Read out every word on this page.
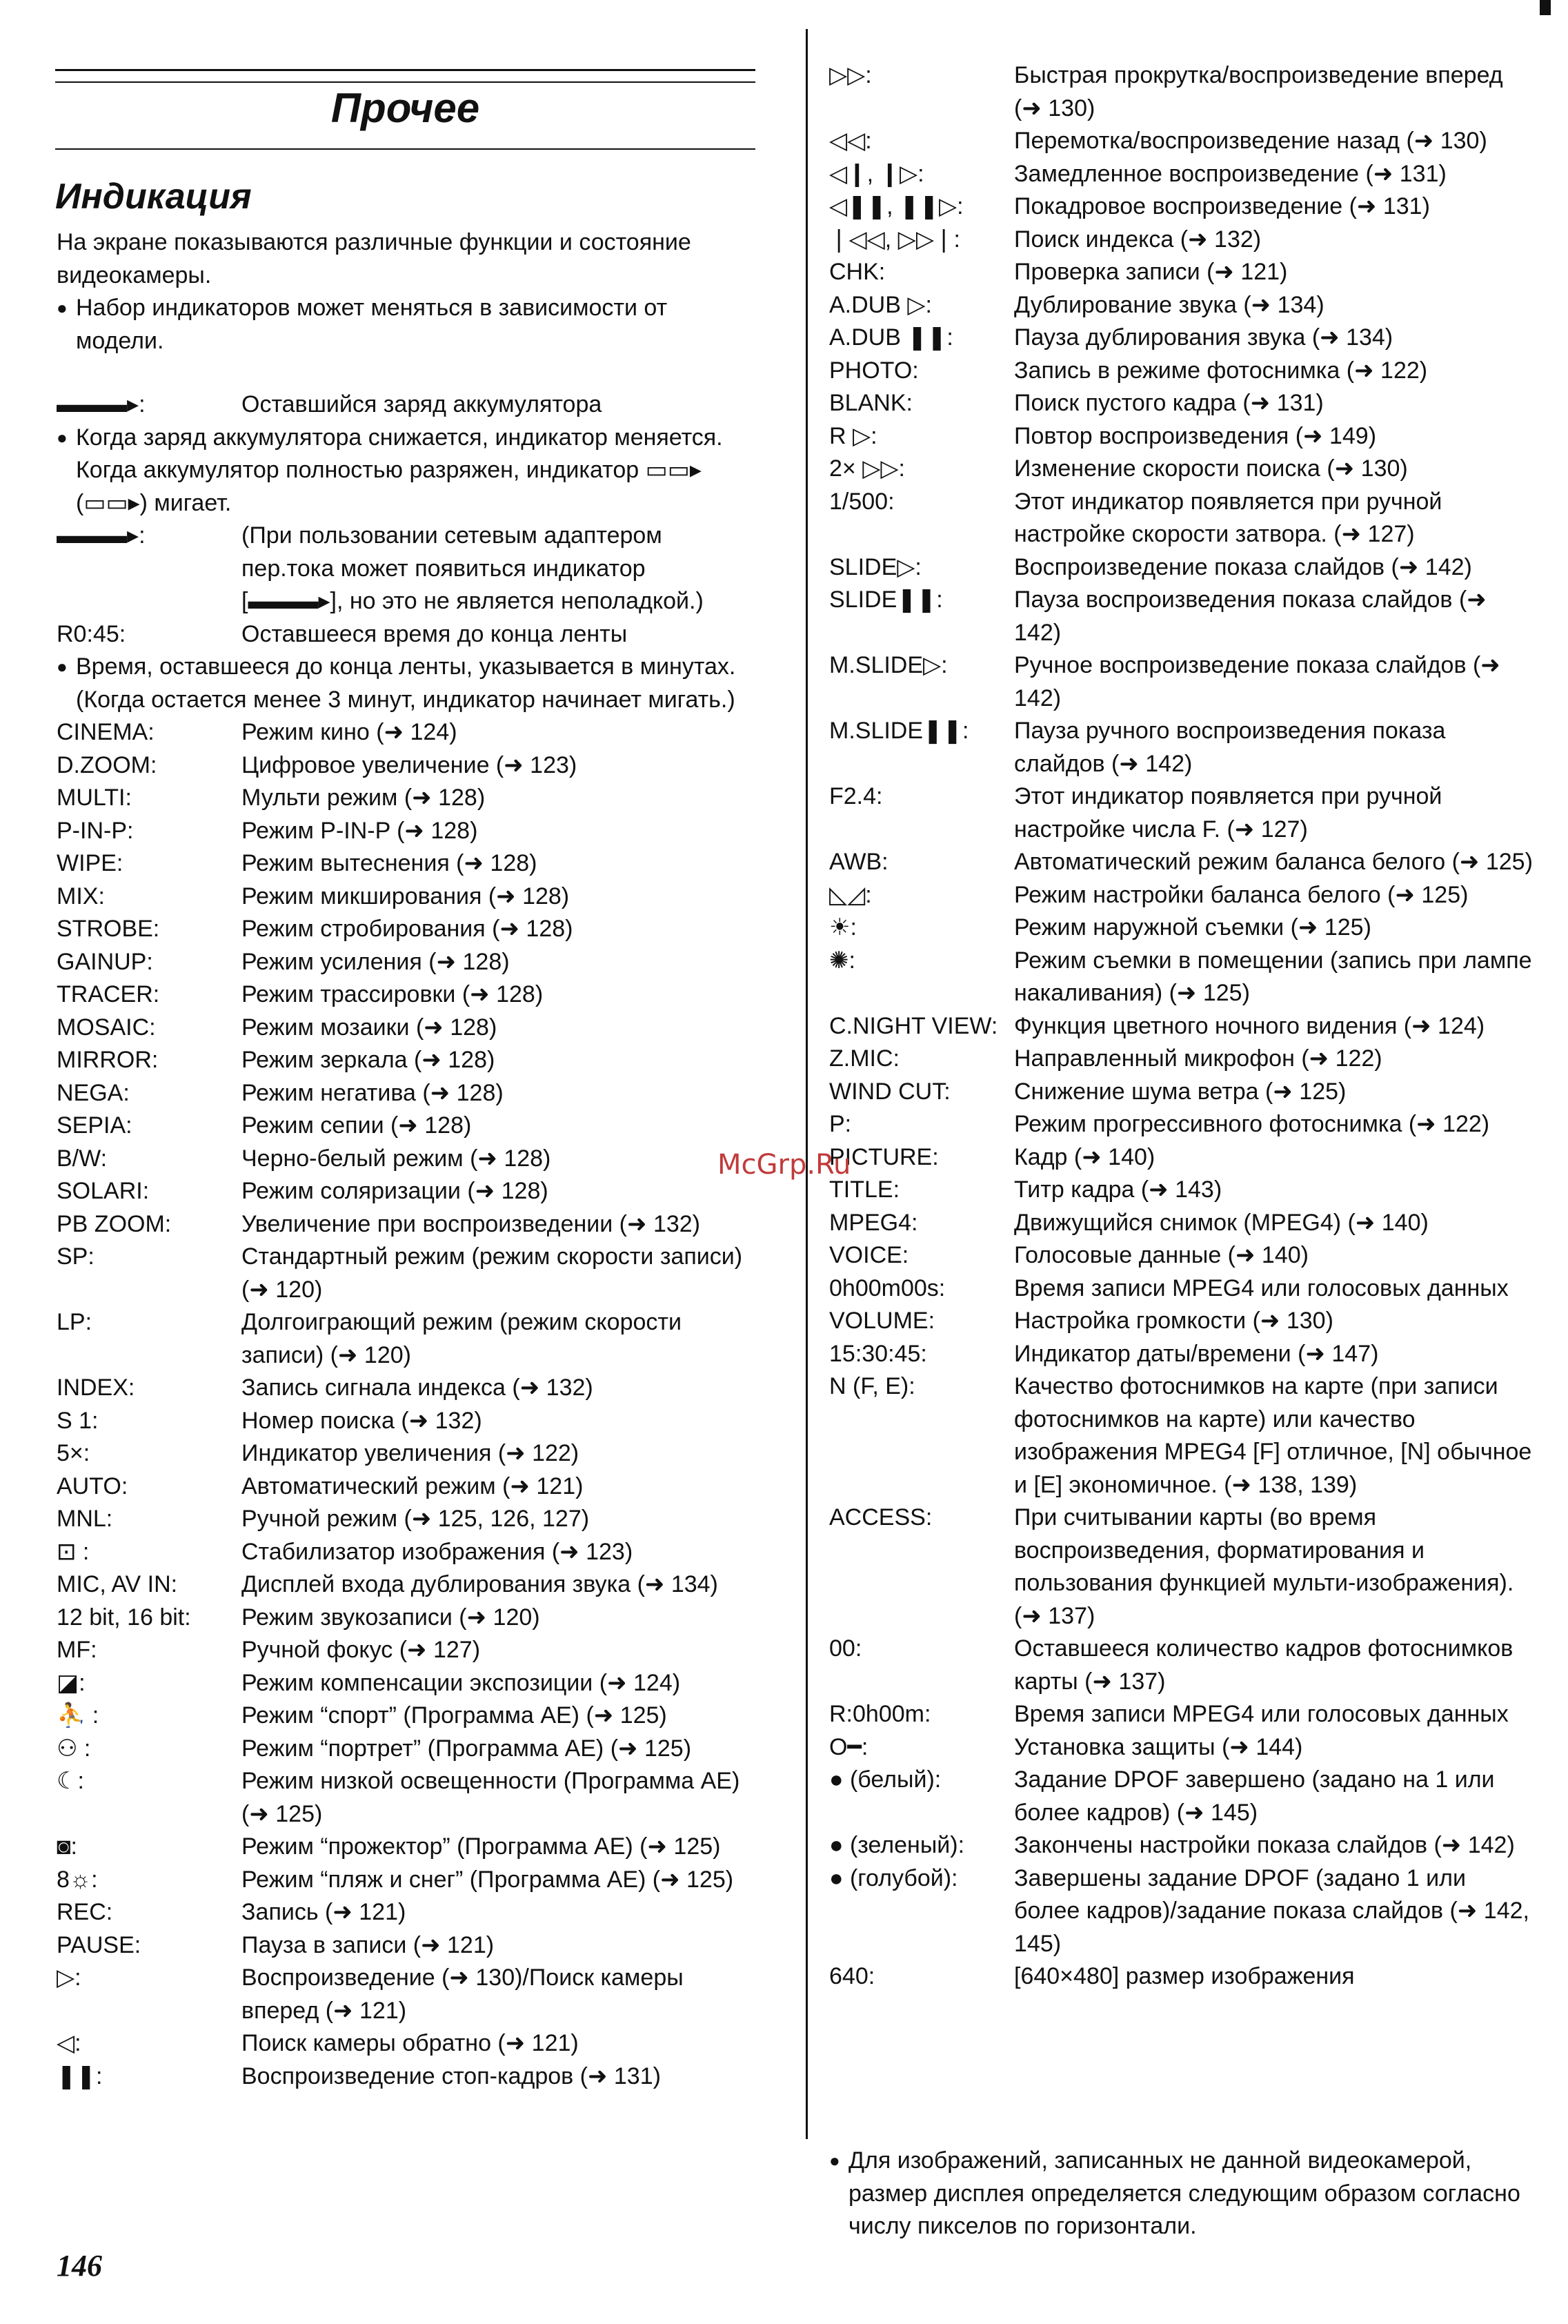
Прочее
Индикация
На экране показываются различные функции и состояние видеокамеры.
● Набор индикаторов может меняться в зависимости от модели.
▬▬▬▸:	Оставшийся заряд аккумулятора
● Когда заряд аккумулятора снижается, индикатор меняется. Когда аккумулятор полностью разряжен, индикатор ▭▭▸ (▭▭▸) мигает.
▬▬▬▸:	(При пользовании сетевым адаптером пер.тока может появиться индикатор [▬▬▬▸], но это не является неполадкой.)
R0:45:	Оставшееся время до конца ленты
● Время, оставшееся до конца ленты, указывается в минутах. (Когда остается менее 3 минут, индикатор начинает мигать.)
CINEMA:	Режим кино (➜ 124)
D.ZOOM:	Цифровое увеличение (➜ 123)
MULTI:	Мульти режим (➜ 128)
P-IN-P:	Режим P-IN-P (➜ 128)
WIPE:	Режим вытеснения (➜ 128)
MIX:	Режим микширования (➜ 128)
STROBE:	Режим стробирования (➜ 128)
GAINUP:	Режим усиления (➜ 128)
TRACER:	Режим трассировки (➜ 128)
MOSAIC:	Режим мозаики (➜ 128)
MIRROR:	Режим зеркала (➜ 128)
NEGA:	Режим негатива (➜ 128)
SEPIA:	Режим сепии (➜ 128)
B/W:	Черно-белый режим (➜ 128)
SOLARI:	Режим соляризации (➜ 128)
PB ZOOM:	Увеличение при воспроизведении (➜ 132)
SP:	Стандартный режим (режим скорости записи) (➜ 120)
LP:	Долгоиграющий режим (режим скорости записи) (➜ 120)
INDEX:	Запись сигнала индекса (➜ 132)
S 1:	Номер поиска (➜ 132)
5×:	Индикатор увеличения (➜ 122)
AUTO:	Автоматический режим (➜ 121)
MNL:	Ручной режим (➜ 125, 126, 127)
⊡ :	Стабилизатор изображения (➜ 123)
MIC, AV IN:	Дисплей входа дублирования звука (➜ 134)
12 bit, 16 bit:	Режим звукозаписи (➜ 120)
MF:	Ручной фокус (➜ 127)
◪:	Режим компенсации экспозиции (➜ 124)
⛹ :	Режим “спорт” (Программа AE) (➜ 125)
⚇ :	Режим “портрет” (Программа AE) (➜ 125)
☾:	Режим низкой освещенности (Программа AE) (➜ 125)
◙:	Режим “прожектор” (Программа AE) (➜ 125)
8☼:	Режим “пляж и снег” (Программа AE) (➜ 125)
REC:	Запись (➜ 121)
PAUSE:	Пауза в записи (➜ 121)
▷:	Воспроизведение (➜ 130)/Поиск камеры вперед (➜ 121)
◁:	Поиск камеры обратно (➜ 121)
❚❚:	Воспроизведение стоп-кадров (➜ 131)
▷▷:	Быстрая прокрутка/воспроизведение вперед (➜ 130)
◁◁:	Перемотка/воспроизведение назад (➜ 130)
◁❙, ❙▷:	Замедленное воспроизведение (➜ 131)
◁❚❚, ❚❚▷:	Покадровое воспроизведение (➜ 131)
❘◁◁, ▷▷❘:	Поиск индекса (➜ 132)
CHK:	Проверка записи (➜ 121)
A.DUB ▷:	Дублирование звука (➜ 134)
A.DUB ❚❚:	Пауза дублирования звука (➜ 134)
PHOTO:	Запись в режиме фотоснимка (➜ 122)
BLANK:	Поиск пустого кадра (➜ 131)
R ▷:	Повтор воспроизведения (➜ 149)
2× ▷▷:	Изменение скорости поиска (➜ 130)
1/500:	Этот индикатор появляется при ручной настройке скорости затвора. (➜ 127)
SLIDE▷:	Воспроизведение показа слайдов (➜ 142)
SLIDE❚❚:	Пауза воспроизведения показа слайдов (➜ 142)
M.SLIDE▷:	Ручное воспроизведение показа слайдов (➜ 142)
M.SLIDE❚❚:	Пауза ручного воспроизведения показа слайдов (➜ 142)
F2.4:	Этот индикатор появляется при ручной настройке числа F. (➜ 127)
AWB:	Автоматический режим баланса белого (➜ 125)
◺◿:	Режим настройки баланса белого (➜ 125)
☀:	Режим наружной съемки (➜ 125)
✺:	Режим съемки в помещении (запись при лампе накаливания) (➜ 125)
C.NIGHT VIEW: Функция цветного ночного видения (➜ 124)
Z.MIC:	Направленный микрофон (➜ 122)
WIND CUT:	Снижение шума ветра (➜ 125)
P:	Режим прогрессивного фотоснимка (➜ 122)
PICTURE:	Кадр (➜ 140)
TITLE:	Титр кадра (➜ 143)
MPEG4:	Движущийся снимок (MPEG4) (➜ 140)
VOICE:	Голосовые данные (➜ 140)
0h00m00s:	Время записи MPEG4 или голосовых данных
VOLUME:	Настройка громкости (➜ 130)
15:30:45:	Индикатор даты/времени (➜ 147)
N (F, E):	Качество фотоснимков на карте (при записи фотоснимков на карте) или качество изображения MPEG4 [F] отличное, [N] обычное и [E] экономичное. (➜ 138, 139)
ACCESS:	При считывании карты (во время воспроизведения, форматирования и пользования функцией мульти-изображения). (➜ 137)
00:	Оставшееся количество кадров фотоснимков карты (➜ 137)
R:0h00m:	Время записи MPEG4 или голосовых данных
O━:	Установка защиты (➜ 144)
● (белый):	Задание DPOF завершено (задано на 1 или более кадров) (➜ 145)
● (зеленый):	Закончены настройки показа слайдов (➜ 142)
● (голубой):	Завершены задание DPOF (задано 1 или более кадров)/задание показа слайдов (➜ 142, 145)
640:	[640×480] размер изображения
● Для изображений, записанных не данной видеокамерой, размер дисплея определяется следующим образом согласно числу пикселов по горизонтали.
McGrp.Ru
146
